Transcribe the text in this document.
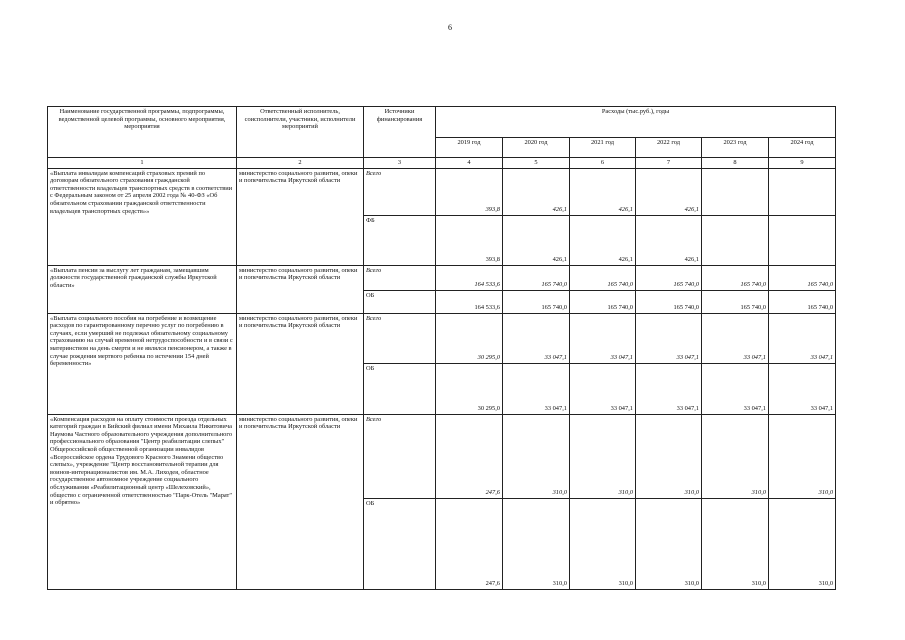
6
Наименование государственной программы, подпрограммы, ведомственной целевой программы, основного мероприятия, мероприятия	Ответственный исполнитель, соисполнители, участники, исполнители мероприятий	Источники финансирования	Расходы (тыс.руб.), годы					
			2019 год	2020 год	2021 год	2022 год	2023 год	2024 год
1	2	3	4	5	6	7	8	9
«Выплата инвалидам компенсаций страховых премий по договорам обязательного страхования гражданской ответственности владельцев транспортных средств в соответствии с Федеральным законом от 25 апреля 2002 года № 40-ФЗ «Об обязательном страховании гражданской ответственности владельцев транспортных средств»»	министерство социального развития, опеки и попечительства Иркутской области	Всего	393,8	426,1	426,1	426,1		
		ФБ	393,8	426,1	426,1	426,1		
«Выплата пенсии за выслугу лет гражданам, замещавшим должности государственной гражданской службы Иркутской области»	министерство социального развития, опеки и попечительства Иркутской области	Всего	164 533,6	165 740,0	165 740,0	165 740,0	165 740,0	165 740,0
		ОБ	164 533,6	165 740,0	165 740,0	165 740,0	165 740,0	165 740,0
«Выплата социального пособия на погребение и возмещение расходов по гарантированному перечню услуг по погребению в случаях, если умерший не подлежал обязательному социальному страхованию на случай временной нетрудоспособности и в связи с материнством на день смерти и не являлся пенсионером, а также в случае рождения мертвого ребенка по истечении 154 дней беременности»	министерство социального развития, опеки и попечительства Иркутской области	Всего	30 295,0	33 047,1	33 047,1	33 047,1	33 047,1	33 047,1
		ОБ	30 295,0	33 047,1	33 047,1	33 047,1	33 047,1	33 047,1
«Компенсация расходов на оплату стоимости проезда отдельных категорий граждан в Бийский филиал имени Михаила Никитовича Наумова Частного образовательного учреждения дополнительного профессионального образования "Центр реабилитации слепых" Общероссийской общественной организации инвалидов «Всероссийское ордена Трудового Красного Знамени общество слепых», учреждение "Центр восстановительной терапии для воинов-интернационалистов им. М.А. Лиходея, областное государственное автономное учреждение социального обслуживания «Реабилитационный центр «Шелеховский», общество с ограниченной ответственностью "Парк-Отель "Марат" и обрятно»	министерство социального развития, опеки и попечительства Иркутской области	Всего	247,6	310,0	310,0	310,0	310,0	310,0
		ОБ	247,6	310,0	310,0	310,0	310,0	310,0
